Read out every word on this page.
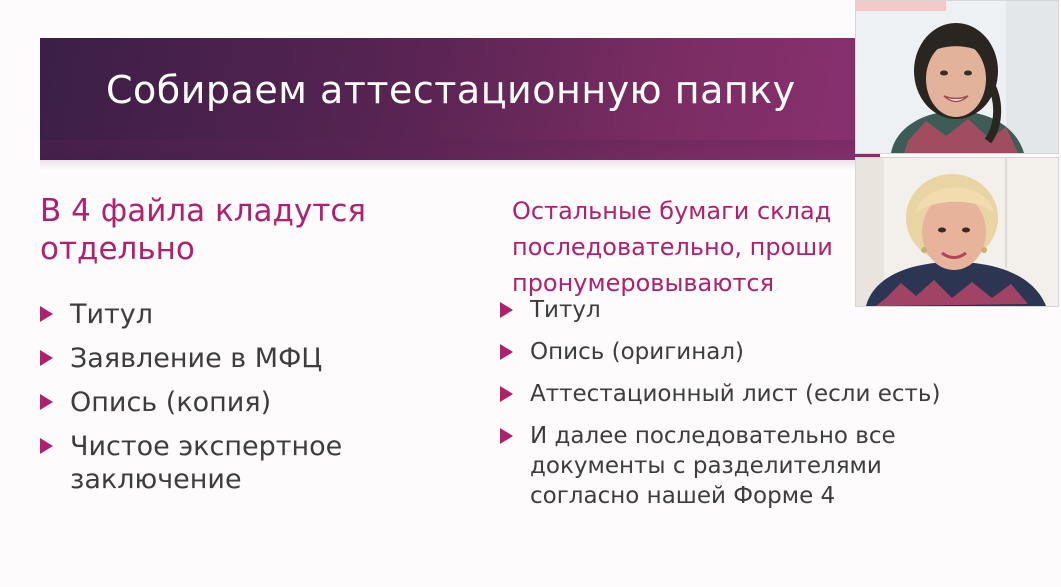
Собираем аттестационную папку
В 4 файла кладутся отдельно
Титул
Заявление в МФЦ
Опись (копия)
Чистое экспертное заключение
Остальные бумаги склад
последовательно, проши
пронумеровываются
Титул
Опись (оригинал)
Аттестационный лист (если есть)
И далее последовательно все документы с разделителями согласно нашей Форме 4
